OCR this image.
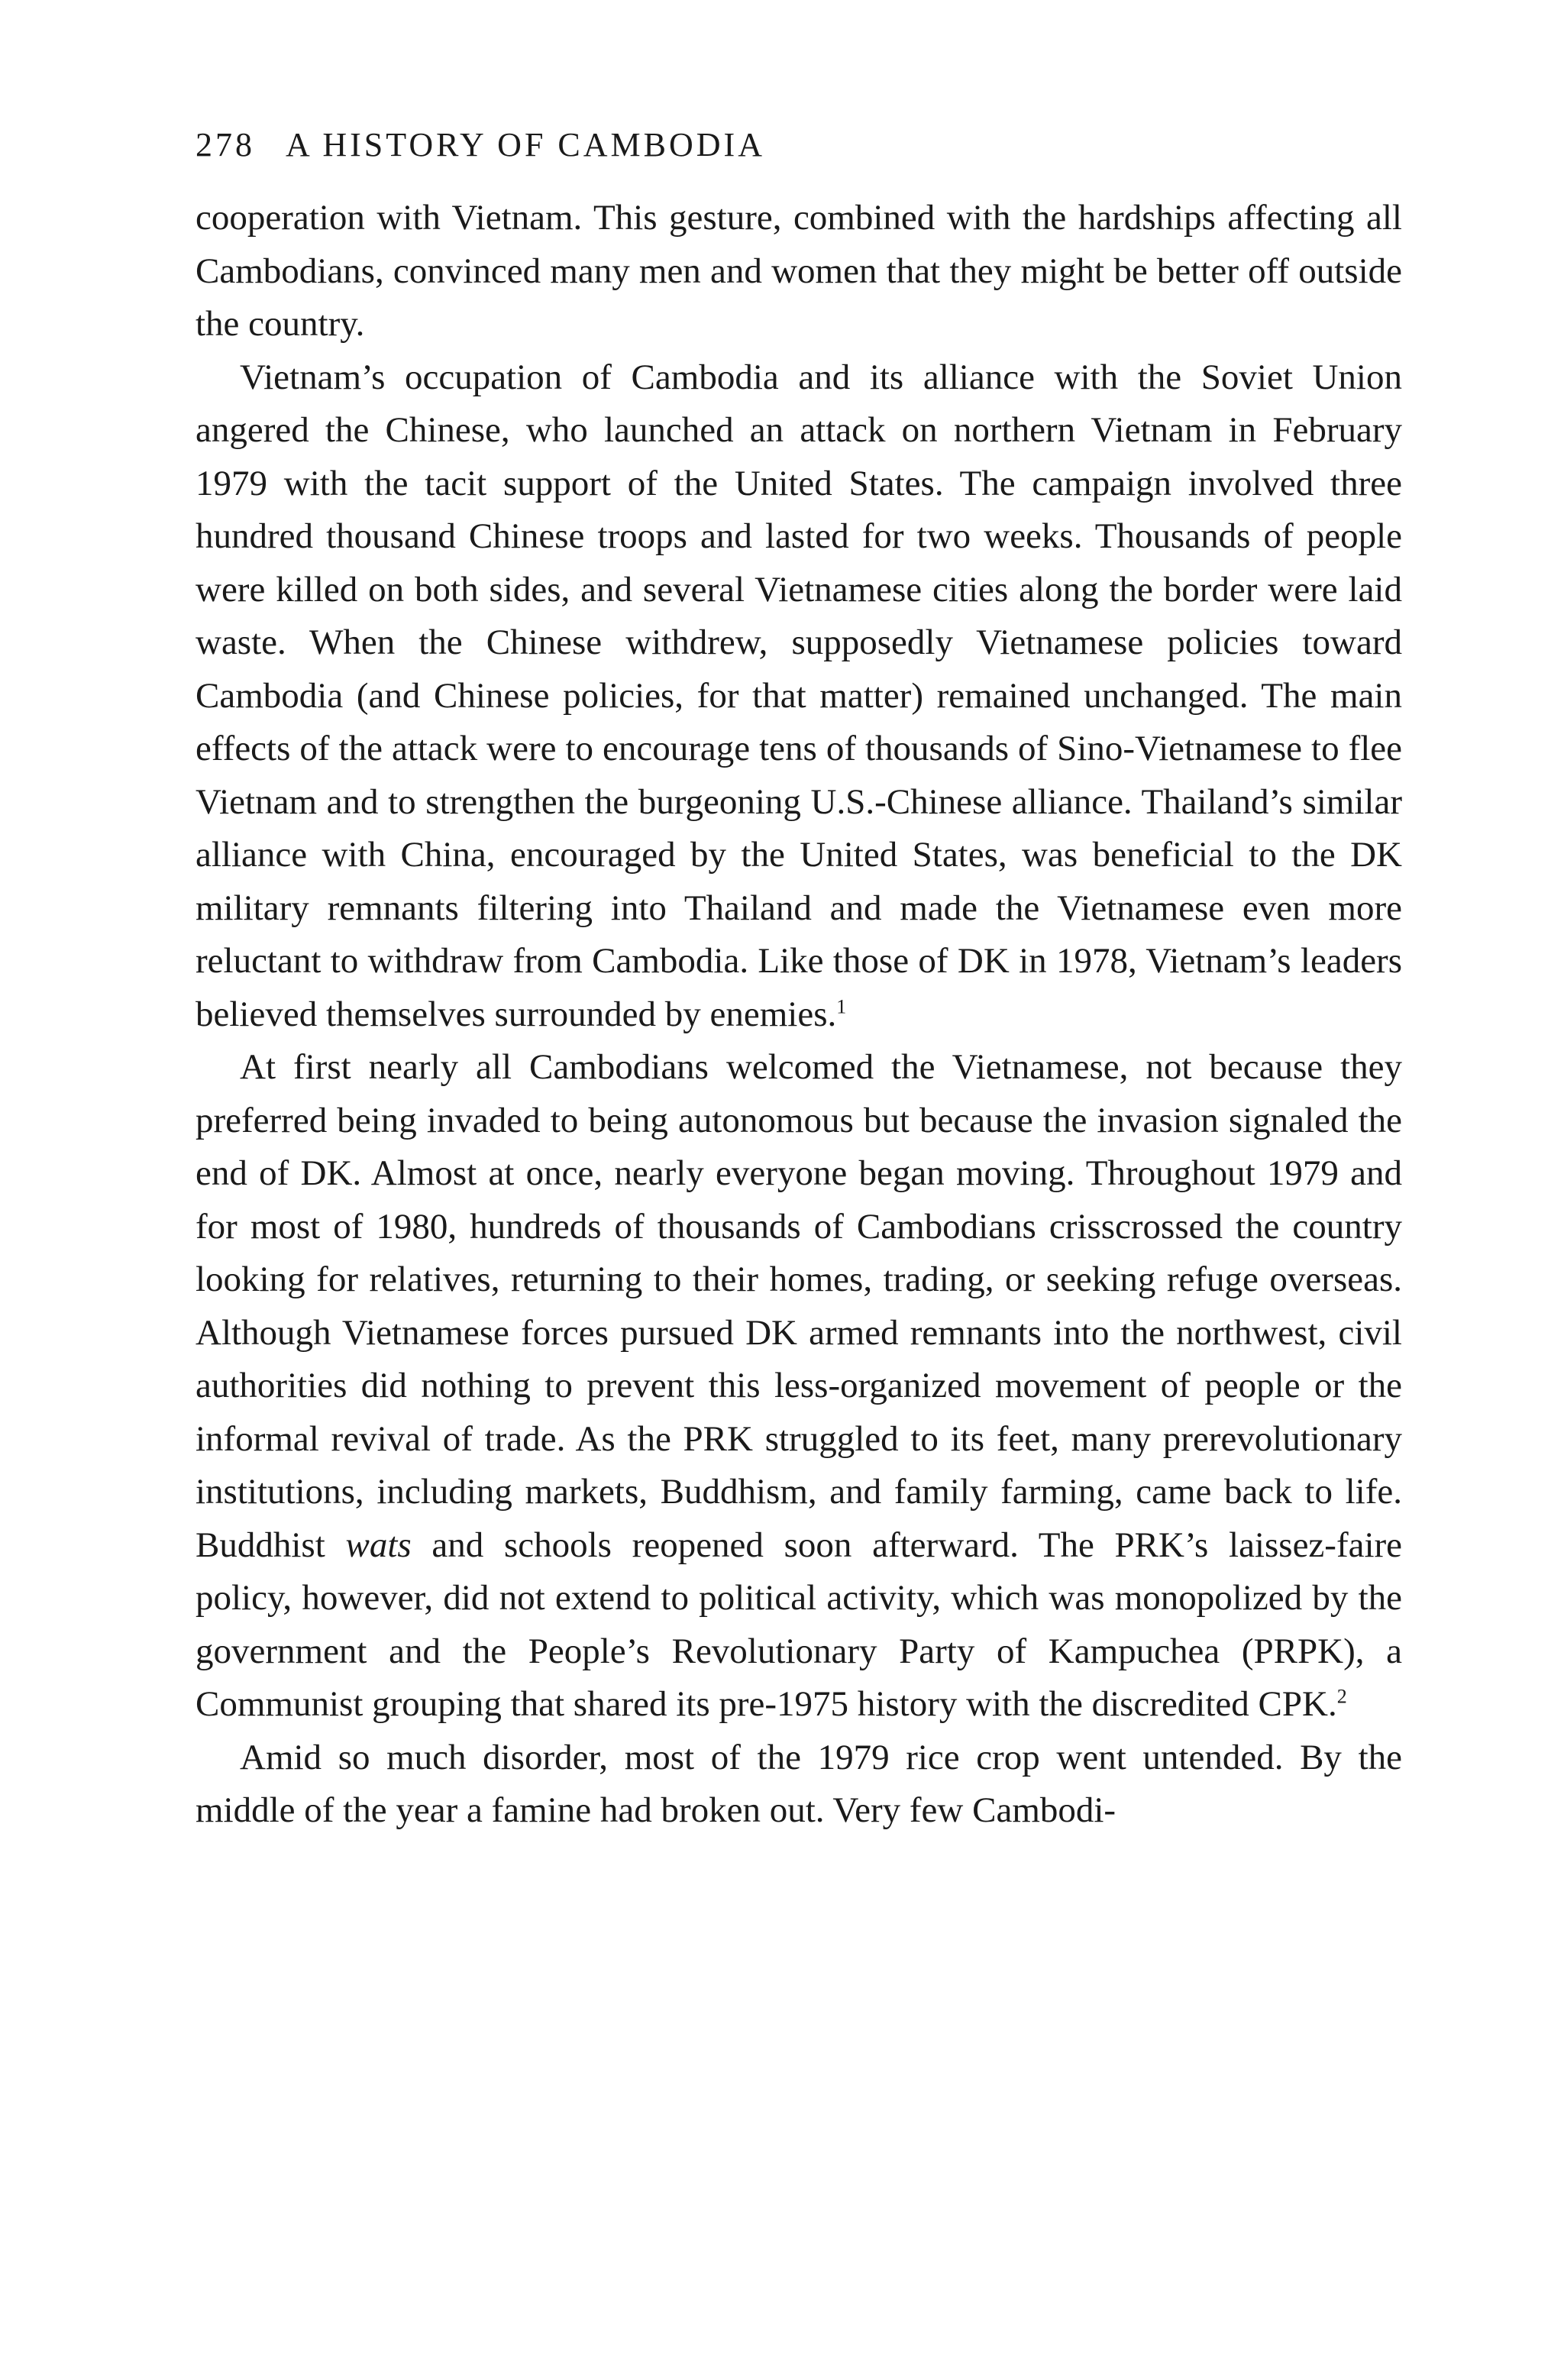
278 A HISTORY OF CAMBODIA

cooperation with Vietnam. This gesture, combined with the hardships affecting all Cambodians, convinced many men and women that they might be better off outside the country.

Vietnam’s occupation of Cambodia and its alliance with the Soviet Union angered the Chinese, who launched an attack on northern Vietnam in February 1979 with the tacit support of the United States. The campaign involved three hundred thousand Chinese troops and lasted for two weeks. Thousands of people were killed on both sides, and several Vietnamese cities along the border were laid waste. When the Chinese withdrew, supposedly Vietnamese policies toward Cambodia (and Chinese policies, for that matter) remained unchanged. The main effects of the attack were to encourage tens of thousands of Sino-Vietnamese to flee Vietnam and to strengthen the burgeoning U.S.-Chinese alliance. Thailand’s similar alliance with China, encouraged by the United States, was beneficial to the DK military remnants filtering into Thailand and made the Vietnamese even more reluctant to withdraw from Cambodia. Like those of DK in 1978, Vietnam’s leaders believed themselves surrounded by enemies.$^1$

At first nearly all Cambodians welcomed the Vietnamese, not because they preferred being invaded to being autonomous but because the invasion signaled the end of DK. Almost at once, nearly everyone began moving. Throughout 1979 and for most of 1980, hundreds of thousands of Cambodians crisscrossed the country looking for relatives, returning to their homes, trading, or seeking refuge overseas. Although Vietnamese forces pursued DK armed remnants into the northwest, civil authorities did nothing to prevent this less-organized movement of people or the informal revival of trade. As the PRK struggled to its feet, many prerevolutionary institutions, including markets, Buddhism, and family farming, came back to life. Buddhist wats and schools reopened soon afterward. The PRK’s laissez-faire policy, however, did not extend to political activity, which was monopolized by the government and the People’s Revolutionary Party of Kampuchea (PRPK), a Communist grouping that shared its pre-1975 history with the discredited CPK.$^2$

Amid so much disorder, most of the 1979 rice crop went untended. By the middle of the year a famine had broken out. Very few Cambodi-
